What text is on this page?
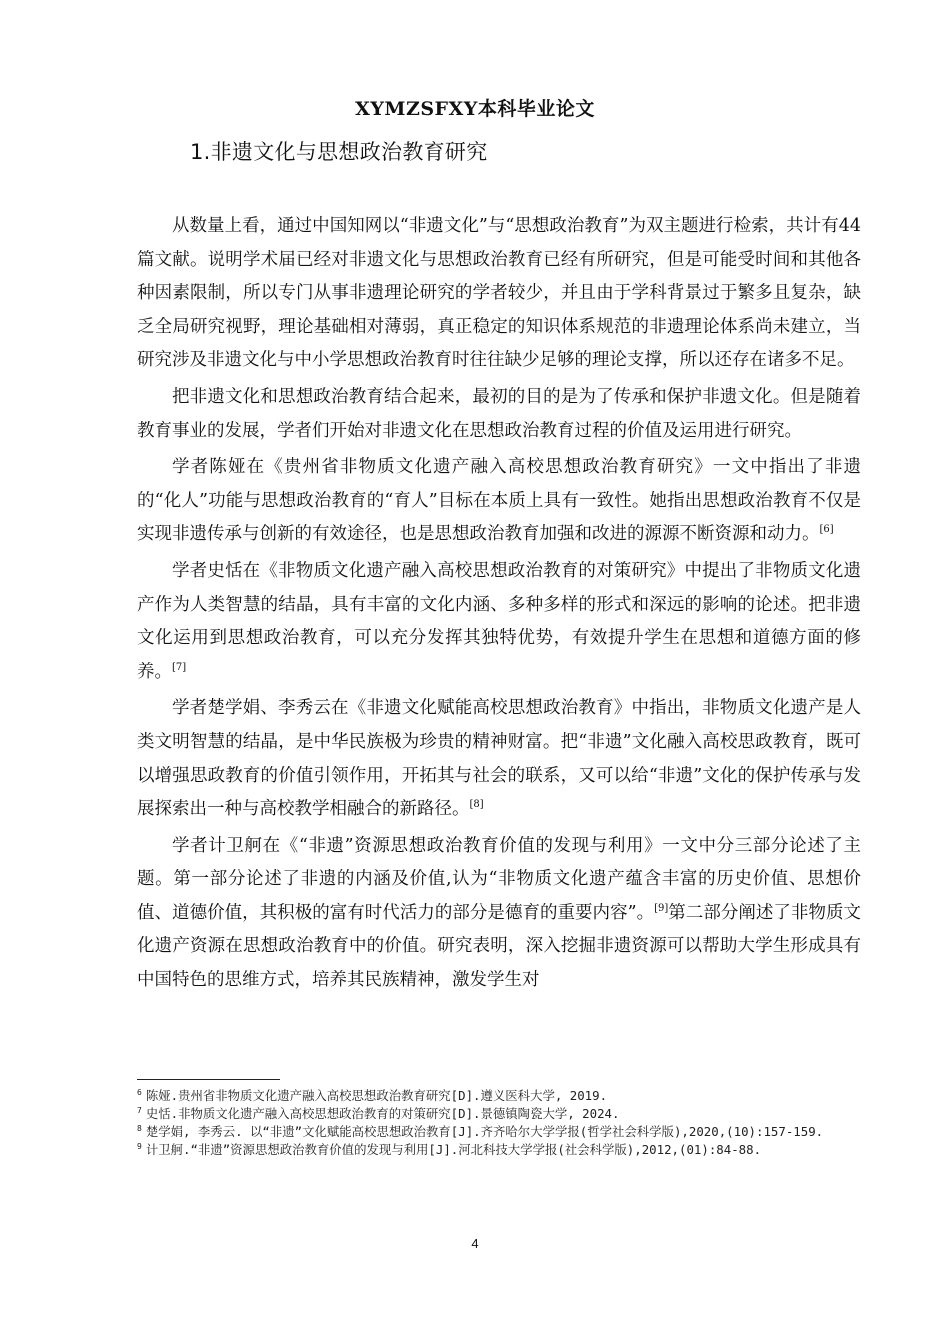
XYMZSFXY本科毕业论文
1.非遗文化与思想政治教育研究

从数量上看，通过中国知网以“非遗文化”与“思想政治教育”为双主题进行检索，共计有44篇文献。说明学术届已经对非遗文化与思想政治教育已经有所研究，但是可能受时间和其他各种因素限制，所以专门从事非遗理论研究的学者较少，并且由于学科背景过于繁多且复杂，缺乏全局研究视野，理论基础相对薄弱，真正稳定的知识体系规范的非遗理论体系尚未建立，当研究涉及非遗文化与中小学思想政治教育时往往缺少足够的理论支撑，所以还存在诸多不足。

把非遗文化和思想政治教育结合起来，最初的目的是为了传承和保护非遗文化。但是随着教育事业的发展，学者们开始对非遗文化在思想政治教育过程的价值及运用进行研究。

学者陈娅在《贵州省非物质文化遗产融入高校思想政治教育研究》一文中指出了非遗的“化人”功能与思想政治教育的“育人”目标在本质上具有一致性。她指出思想政治教育不仅是实现非遗传承与创新的有效途径，也是思想政治教育加强和改进的源源不断资源和动力。[6]

学者史恬在《非物质文化遗产融入高校思想政治教育的对策研究》中提出了非物质文化遗产作为人类智慧的结晶，具有丰富的文化内涵、多种多样的形式和深远的影响的论述。把非遗文化运用到思想政治教育，可以充分发挥其独特优势，有效提升学生在思想和道德方面的修养。[7]

学者楚学娟、李秀云在《非遗文化赋能高校思想政治教育》中指出，非物质文化遗产是人类文明智慧的结晶，是中华民族极为珍贵的精神财富。把“非遗”文化融入高校思政教育，既可以增强思政教育的价值引领作用，开拓其与社会的联系，又可以给“非遗”文化的保护传承与发展探索出一种与高校教学相融合的新路径。[8]

学者计卫舸在《“非遗”资源思想政治教育价值的发现与利用》一文中分三部分论述了主题。第一部分论述了非遗的内涵及价值,认为“非物质文化遗产蕴含丰富的历史价值、思想价值、道德价值，其积极的富有时代活力的部分是德育的重要内容”。[9]第二部分阐述了非物质文化遗产资源在思想政治教育中的价值。研究表明，深入挖掘非遗资源可以帮助大学生形成具有中国特色的思维方式，培养其民族精神，激发学生对

$^6$ 陈娅.贵州省非物质文化遗产融入高校思想政治教育研究[D].遵义医科大学, 2019.

$^7$ 史恬.非物质文化遗产融入高校思想政治教育的对策研究[D].景德镇陶瓷大学, 2024.

$^8$ 楚学娟, 李秀云. 以“非遗”文化赋能高校思想政治教育[J].齐齐哈尔大学学报(哲学社会科学版),2020,(10):157-159.

$^9$ 计卫舸.“非遗”资源思想政治教育价值的发现与利用[J].河北科技大学学报(社会科学版),2012,(01):84-88.

4
